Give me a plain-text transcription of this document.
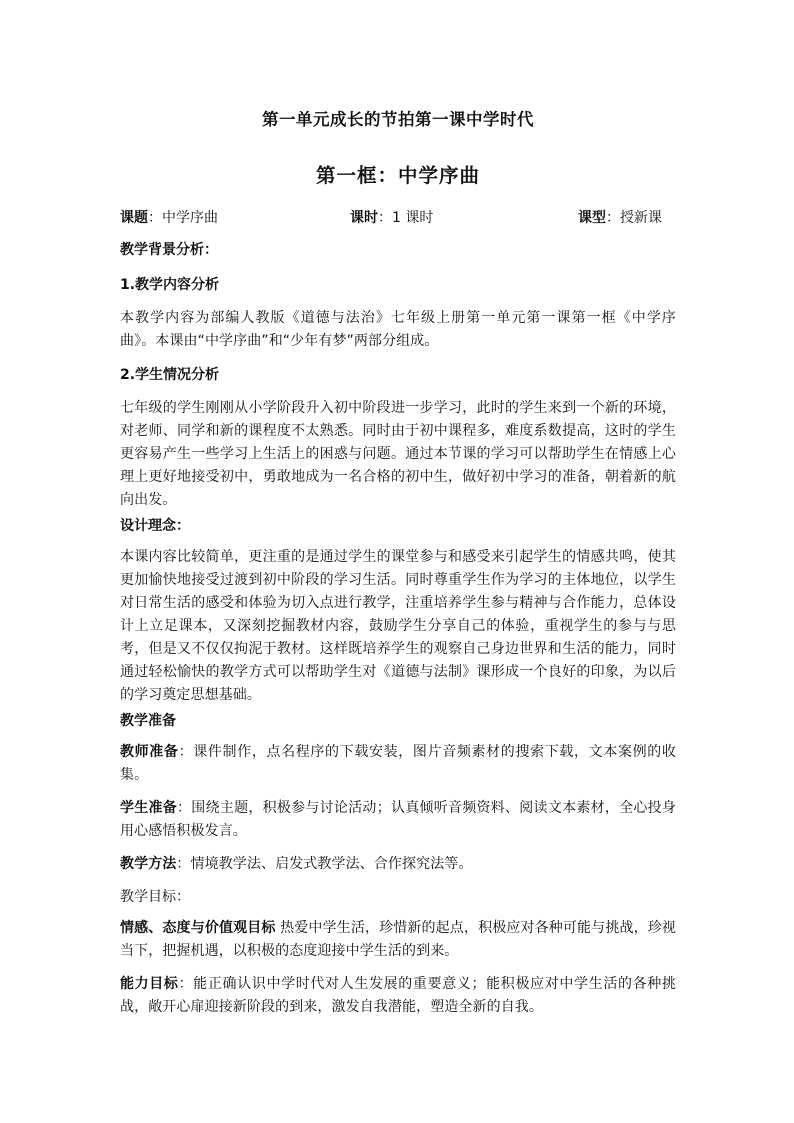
第一单元成长的节拍第一课中学时代
第一框：中学序曲
课题：中学序曲	课时：1 课时	课型：授新课
教学背景分析：
1.教学内容分析
本教学内容为部编人教版《道德与法治》七年级上册第一单元第一课第一框《中学序曲》。本课由“中学序曲”和“少年有梦”两部分组成。
2.学生情况分析
七年级的学生刚刚从小学阶段升入初中阶段进一步学习，此时的学生来到一个新的环境，对老师、同学和新的课程度不太熟悉。同时由于初中课程多，难度系数提高，这时的学生更容易产生一些学习上生活上的困惑与问题。通过本节课的学习可以帮助学生在情感上心理上更好地接受初中，勇敢地成为一名合格的初中生，做好初中学习的准备，朝着新的航向出发。
设计理念：
本课内容比较简单，更注重的是通过学生的课堂参与和感受来引起学生的情感共鸣，使其更加愉快地接受过渡到初中阶段的学习生活。同时尊重学生作为学习的主体地位，以学生对日常生活的感受和体验为切入点进行教学，注重培养学生参与精神与合作能力，总体设计上立足课本，又深刻挖掘教材内容，鼓励学生分享自己的体验，重视学生的参与与思考，但是又不仅仅拘泥于教材。这样既培养学生的观察自己身边世界和生活的能力，同时通过轻松愉快的教学方式可以帮助学生对《道德与法制》课形成一个良好的印象，为以后的学习奠定思想基础。
教学准备
教师准备：课件制作，点名程序的下载安装，图片音频素材的搜索下载，文本案例的收集。
学生准备：围绕主题，积极参与讨论活动；认真倾听音频资料、阅读文本素材，全心投身用心感悟积极发言。
教学方法：情境教学法、启发式教学法、合作探究法等。
教学目标：
情感、态度与价值观目标 热爱中学生活，珍惜新的起点，积极应对各种可能与挑战，珍视当下，把握机遇，以积极的态度迎接中学生活的到来。
能力目标：能正确认识中学时代对人生发展的重要意义；能积极应对中学生活的各种挑战，敞开心扉迎接新阶段的到来，激发自我潜能，塑造全新的自我。
